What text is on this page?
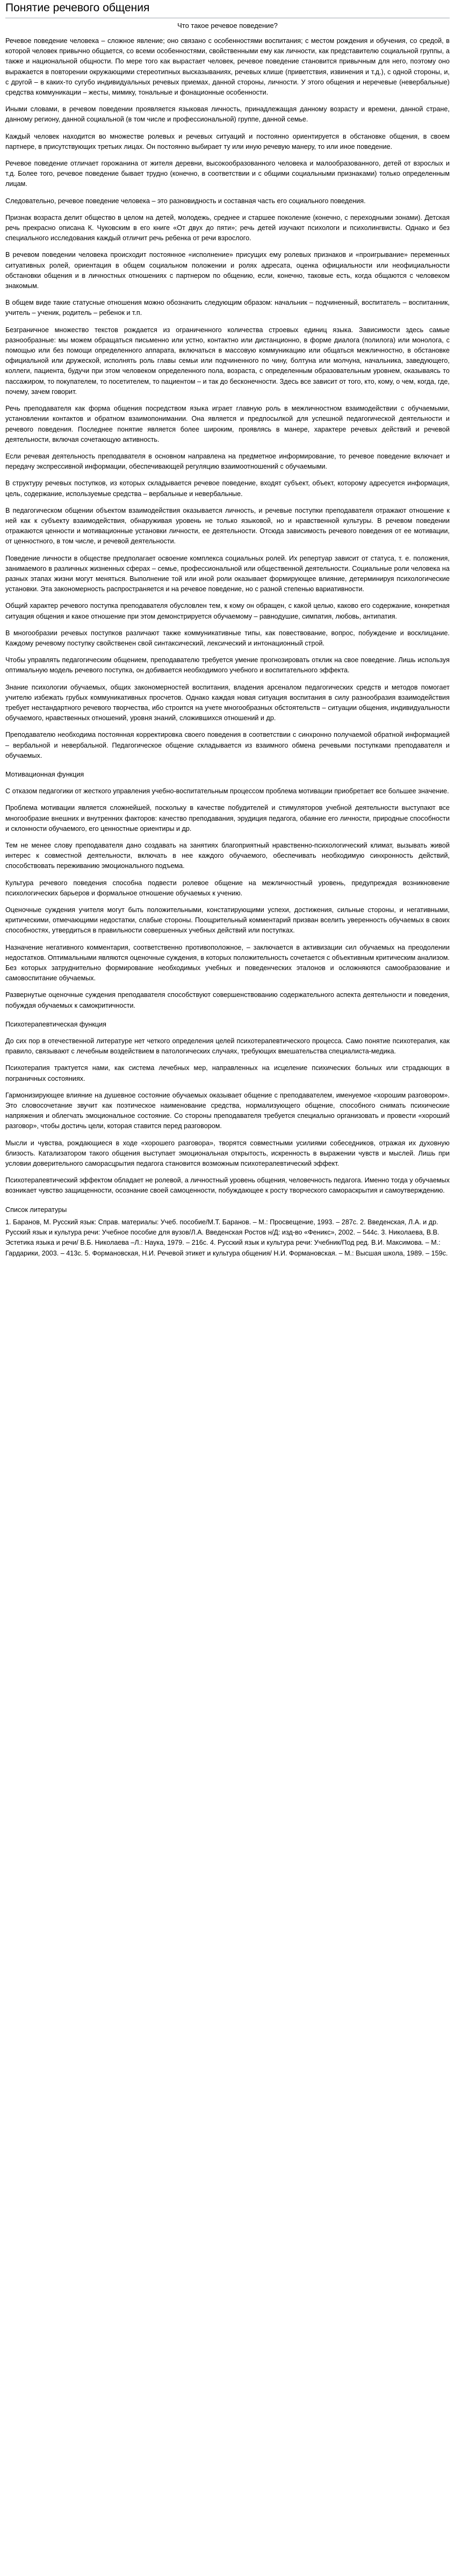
Понятие речевого общения
Что такое речевое поведение?

Речевое поведение человека – сложное явление; оно связано с особенностями воспитания; с местом рождения и обучения, со средой, в которой человек привычно общается, со всеми особенностями, свойственными ему как личности, как представителю социальной группы, а также и национальной общности. По мере того как вырастает человек, речевое поведение становится привычным для него, поэтому оно выражается в повторении окружающими стереотипных высказываниях, речевых клише (приветствия, извинения и т.д.), с одной стороны, и, с другой – в каких-то сугубо индивидуальных речевых приемах, данной стороны, личности. У этого общения и неречевые (невербальные) средства коммуникации – жесты, мимику, тональные и фонационные особенности.

Иными словами, в речевом поведении проявляется языковая личность, принадлежащая данному возрасту и времени, данной стране, данному региону, данной социальной (в том числе и профессиональной) группе, данной семье.

Каждый человек находится во множестве ролевых и речевых ситуаций и постоянно ориентируется в обстановке общения, в своем партнере, в присутствующих третьих лицах. Он постоянно выбирает ту или иную речевую манеру, то или иное поведение.

Речевое поведение отличает горожанина от жителя деревни, высокообразованного человека и малообразованного, детей от взрослых и т.д. Более того, речевое поведение бывает трудно (конечно, в соответствии и с общими социальными признаками) только определенным лицам.

Следовательно, речевое поведение человека – это разновидность и составная часть его социального поведения.

Признак возраста делит общество в целом на детей, молодежь, среднее и старшее поколение (конечно, с переходными зонами). Детская речь прекрасно описана К. Чуковским в его книге «От двух до пяти»; речь детей изучают психологи и психолингвисты. Однако и без специального исследования каждый отличит речь ребенка от речи взрослого.

В речевом поведении человека происходит постоянное «исполнение» присущих ему ролевых признаков и «проигрывание» переменных ситуативных ролей, ориентация в общем социальном положении и ролях адресата, оценка официальности или неофициальности обстановки общения и в личностных отношениях с партнером по общению, если, конечно, таковые есть, когда общаются с человеком знакомым.

В общем виде такие статусные отношения можно обозначить следующим образом: начальник – подчиненный, воспитатель – воспитанник, учитель – ученик, родитель – ребенок и т.п.

Безграничное множество текстов рождается из ограниченного количества строевых единиц языка. Зависимости здесь самые разнообразные: мы можем обращаться письменно или устно, контактно или дистанционно, в форме диалога (полилога) или монолога, с помощью или без помощи определенного аппарата, включаться в массовую коммуникацию или общаться межличностно, в обстановке официальной или дружеской, исполнять роль главы семьи или подчиненного по чину, болтуна или молчуна, начальника, заведующего, коллеги, пациента, будучи при этом человеком определенного пола, возраста, с определенным образовательным уровнем, оказываясь то пассажиром, то покупателем, то посетителем, то пациентом – и так до бесконечности. Здесь все зависит от того, кто, кому, о чем, когда, где, почему, зачем говорит.

Речь преподавателя как форма общения посредством языка играет главную роль в межличностном взаимодействии с обучаемыми, установлении контактов и обратном взаимопонимании. Она является и предпосылкой для успешной педагогической деятельности и речевого поведения. Последнее понятие является более широким, проявлясь в манере, характере речевых действий и речевой деятельности, включая сочетающую активность.

Если речевая деятельность преподавателя в основном направлена на предметное информирование, то речевое поведение включает и передачу экспрессивной информации, обеспечивающей регуляцию взаимоотношений с обучаемыми.

В структуру речевых поступков, из которых складывается речевое поведение, входят субъект, объект, которому адресуется информация, цель, содержание, используемые средства – вербальные и невербальные.

В педагогическом общении объектом взаимодействия оказывается личность, и речевые поступки преподавателя отражают отношение к ней как к субъекту взаимодействия, обнаруживая уровень не только языковой, но и нравственной культуры. В речевом поведении отражаются ценности и мотивационные установки личности, ее деятельности. Отсюда зависимость речевого поведения от ее мотивации, от ценностного, в том числе, и речевой деятельности.

Поведение личности в обществе предполагает освоение комплекса социальных ролей. Их репертуар зависит от статуса, т. е. положения, занимаемого в различных жизненных сферах – семье, профессиональной или общественной деятельности. Социальные роли человека на разных этапах жизни могут меняться. Выполнение той или иной роли оказывает формирующее влияние, детерминируя психологические установки. Эта закономерность распространяется и на речевое поведение, но с разной степенью вариативности.

Общий характер речевого поступка преподавателя обусловлен тем, к кому он обращен, с какой целью, каково его содержание, конкретная ситуация общения и какое отношение при этом демонстрируется обучаемому – равнодушие, симпатия, любовь, антипатия.

В многообразии речевых поступков различают также коммуникативные типы, как повествование, вопрос, побуждение и восклицание. Каждому речевому поступку свойственен свой синтаксический, лексический и интонационный строй.

Чтобы управлять педагогическим общением, преподавателю требуется умение прогнозировать отклик на свое поведение. Лишь используя оптимальную модель речевого поступка, он добивается необходимого учебного и воспитательного эффекта.

Знание психологии обучаемых, общих закономерностей воспитания, владения арсеналом педагогических средств и методов помогает учителю избежать грубых коммуникативных просчетов. Однако каждая новая ситуация воспитания в силу разнообразия взаимодействия требует нестандартного речевого творчества, ибо строится на учете многообразных обстоятельств – ситуации общения, индивидуальности обучаемого, нравственных отношений, уровня знаний, сложившихся отношений и др.

Преподавателю необходима постоянная корректировка своего поведения в соответствии с синхронно получаемой обратной информацией – вербальной и невербальной. Педагогическое общение складывается из взаимного обмена речевыми поступками преподавателя и обучаемых.

Мотивационная функция

С отказом педагогики от жесткого управления учебно-воспитательным процессом проблема мотивации приобретает все большее значение.

Проблема мотивации является сложнейшей, поскольку в качестве побудителей и стимуляторов учебной деятельности выступают все многообразие внешних и внутренних факторов: качество преподавания, эрудиция педагога, обаяние его личности, природные способности и склонности обучаемого, его ценностные ориентиры и др.

Тем не менее слову преподавателя дано создавать на занятиях благоприятный нравственно-психологический климат, вызывать живой интерес к совместной деятельности, включать в нее каждого обучаемого, обеспечивать необходимую синхронность действий, способствовать переживанию эмоционального подъема.

Культура речевого поведения способна подвести ролевое общение на межличностный уровень, предупреждая возникновение психологических барьеров и формальное отношение обучаемых к учению.

Оценочные суждения учителя могут быть положительными, констатирующими успехи, достижения, сильные стороны, и негативными, критическими, отмечающими недостатки, слабые стороны. Поощрительный комментарий призван вселить уверенность обучаемых в своих способностях, утвердиться в правильности совершенных учебных действий или поступках.

Назначение негативного комментария, соответственно противоположное, – заключается в активизации сил обучаемых на преодолении недостатков. Оптимальными являются оценочные суждения, в которых положительность сочетается с объективным критическим анализом. Без которых затруднительно формирование необходимых учебных и поведенческих эталонов и осложняются самообразование и самовоспитание обучаемых.

Развернутые оценочные суждения преподавателя способствуют совершенствованию содержательного аспекта деятельности и поведения, побуждая обучаемых к самокритичности.

Психотерапевтическая функция

До сих пор в отечественной литературе нет четкого определения целей психотерапевтического процесса. Само понятие психотерапия, как правило, связывают с лечебным воздействием в патологических случаях, требующих вмешательства специалиста-медика.

Психотерапия трактуется нами, как система лечебных мер, направленных на исцеление психических больных или страдающих в пограничных состояниях.

Гармонизирующее влияние на душевное состояние обучаемых оказывает общение с преподавателем, именуемое «хорошим разговором». Это словосочетание звучит как поэтическое наименование средства, нормализующего общение, способного снимать психические напряжения и облегчать эмоциональное состояние. Со стороны преподавателя требуется специально организовать и провести «хороший разговор», чтобы достичь цели, которая ставится перед разговором.

Мысли и чувства, рождающиеся в ходе «хорошего разговора», творятся совместными усилиями собеседников, отражая их духовную близость. Катализатором такого общения выступает эмоциональная открытость, искренность в выражении чувств и мыслей. Лишь при условии доверительного саморасцрытия педагога становится возможным психотерапевтический эффект.

Психотерапевтический эффектом обладает не ролевой, а личностный уровень общения, человечность педагога. Именно тогда у обучаемых возникает чувство защищенности, осознание своей самоценности, побуждающее к росту творческого самораскрытия и самоутверждению.

Список литературы

1. Баранов, М. Русский язык: Справ. материалы: Учеб. пособие/М.Т. Баранов. – М.: Просвещение, 1993. – 287с. 2. Введенская, Л.А. и др. Русский язык и культура речи: Учебное пособие для вузов/Л.А. Введенская Ростов н/Д: изд-во «Феникс», 2002. – 544с. 3. Николаева, В.В. Эстетика языка и речи/ В.Б. Николаева –Л.: Наука, 1979. – 216с. 4. Русский язык и культура речи: Учебник/Под ред. В.И. Максимова. – М.: Гардарики, 2003. – 413с. 5. Формановская, Н.И. Речевой этикет и культура общения/ Н.И. Формановская. – М.: Высшая школа, 1989. – 159с.
